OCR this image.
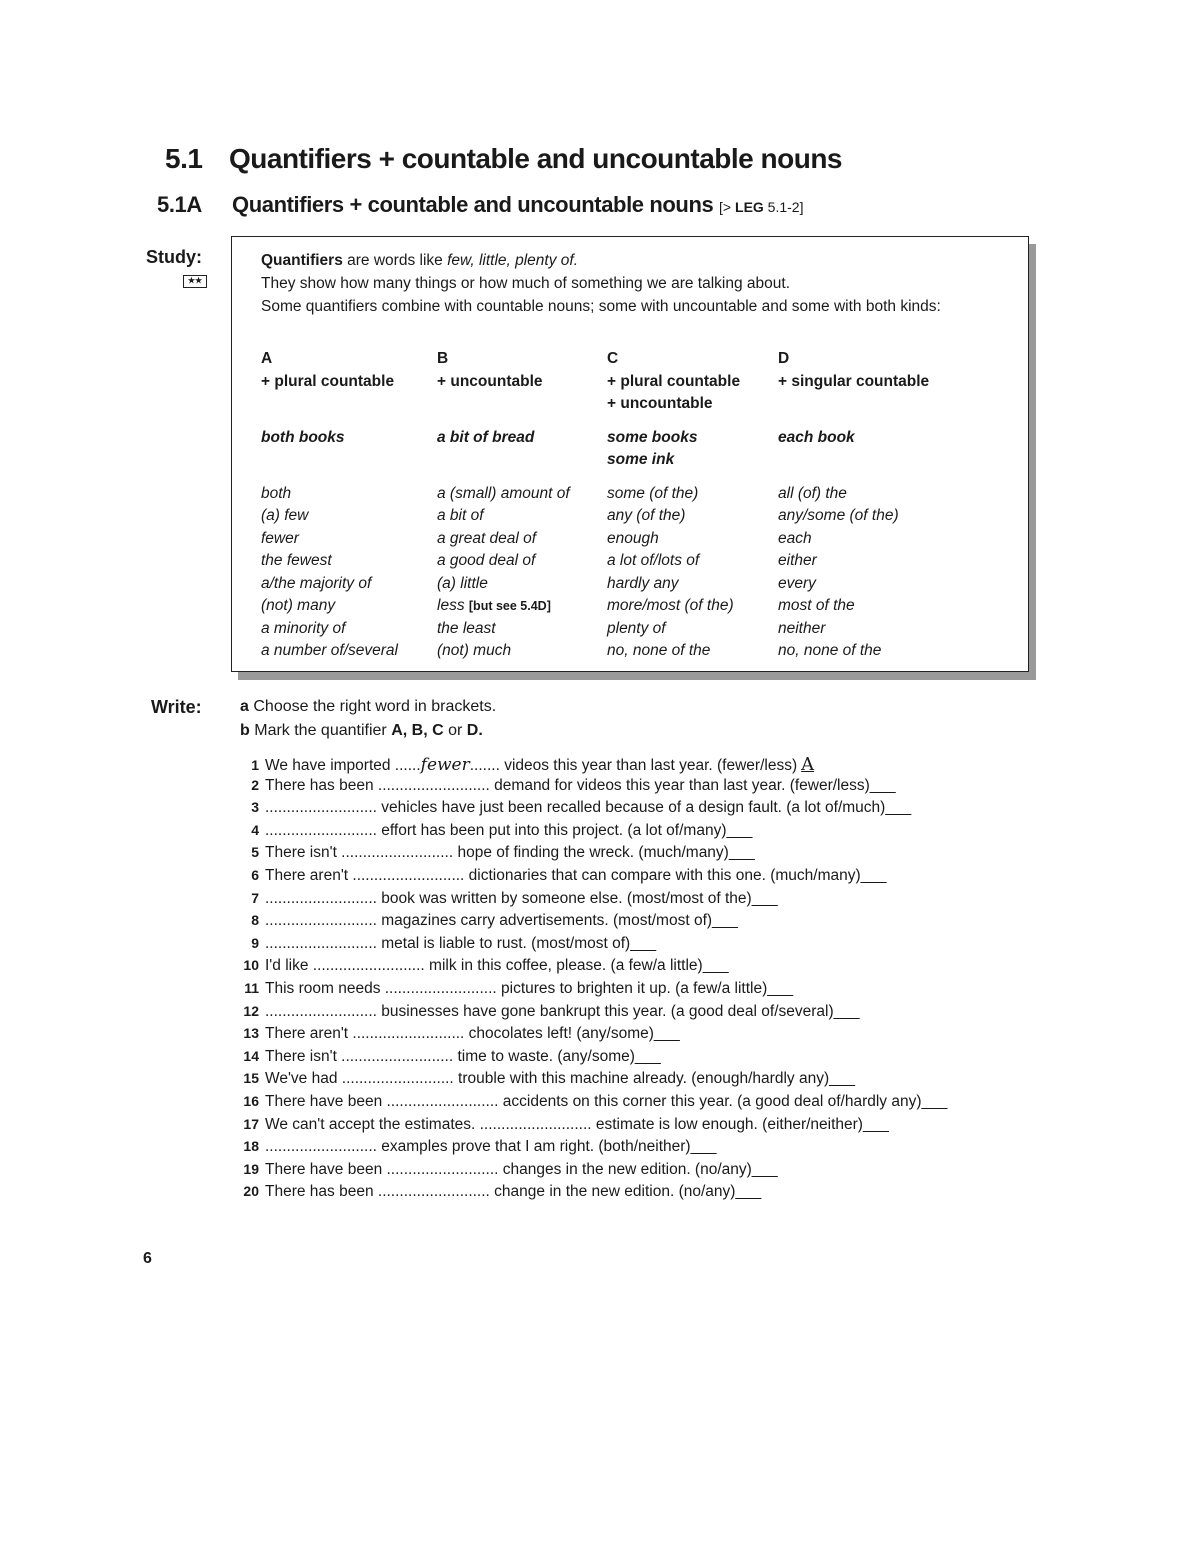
5.1 Quantifiers + countable and uncountable nouns
5.1A Quantifiers + countable and uncountable nouns [> LEG 5.1-2]
Study:
★★
Quantifiers are words like few, little, plenty of.
They show how many things or how much of something we are talking about.
Some quantifiers combine with countable nouns; some with uncountable and some with both kinds:
A
+ plural countable
both books
both
(a) few
fewer
the fewest
a/the majority of
(not) many
a minority of
a number of/several
B
+ uncountable
a bit of bread
a (small) amount of
a bit of
a great deal of
a good deal of
(a) little
less [but see 5.4D]
the least
(not) much
C
+ plural countable
+ uncountable
some books
some ink
some (of the)
any (of the)
enough
a lot of/lots of
hardly any
more/most (of the)
plenty of
no, none of the
D
+ singular countable
each book
all (of) the
any/some (of the)
each
either
every
most of the
neither
no, none of the
Write: a Choose the right word in brackets.
b Mark the quantifier A, B, C or D.
1 We have imported ......fewer....... videos this year than last year. (fewer/less) A
2 There has been .......................... demand for videos this year than last year. (fewer/less)___
3 .......................... vehicles have just been recalled because of a design fault. (a lot of/much)___
4 .......................... effort has been put into this project. (a lot of/many)___
5 There isn't .......................... hope of finding the wreck. (much/many)___
6 There aren't .......................... dictionaries that can compare with this one. (much/many)___
7 .......................... book was written by someone else. (most/most of the)___
8 .......................... magazines carry advertisements. (most/most of)___
9 .......................... metal is liable to rust. (most/most of)___
10 I'd like .......................... milk in this coffee, please. (a few/a little)___
11 This room needs .......................... pictures to brighten it up. (a few/a little)___
12 .......................... businesses have gone bankrupt this year. (a good deal of/several)___
13 There aren't .......................... chocolates left! (any/some)___
14 There isn't .......................... time to waste. (any/some)___
15 We've had .......................... trouble with this machine already. (enough/hardly any)___
16 There have been .......................... accidents on this corner this year. (a good deal of/hardly any)___
17 We can't accept the estimates. .......................... estimate is low enough. (either/neither)___
18 .......................... examples prove that I am right. (both/neither)___
19 There have been .......................... changes in the new edition. (no/any)___
20 There has been .......................... change in the new edition. (no/any)___
6
